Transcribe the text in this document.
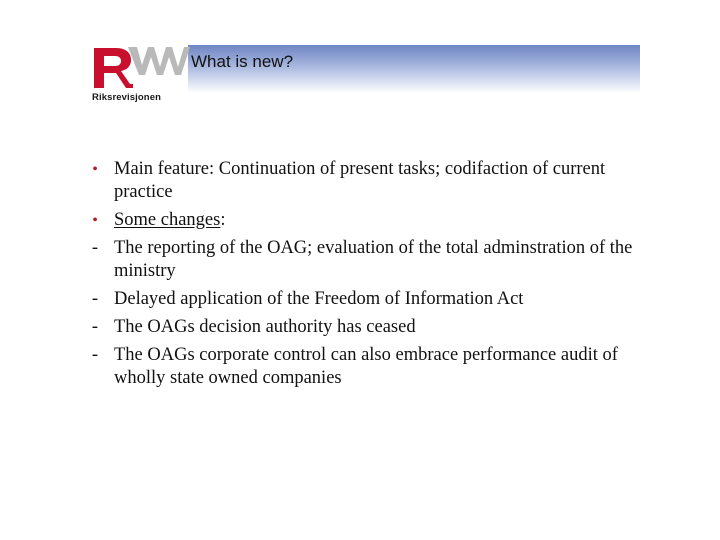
Riksrevisjonen
What is new?
• Main feature: Continuation of present tasks; codifaction of current practice
• Some changes:
- The reporting of the OAG; evaluation of the total adminstration of the ministry
- Delayed application of the Freedom of Information Act
- The OAGs decision authority has ceased
- The OAGs corporate control can also embrace performance audit of wholly state owned companies
